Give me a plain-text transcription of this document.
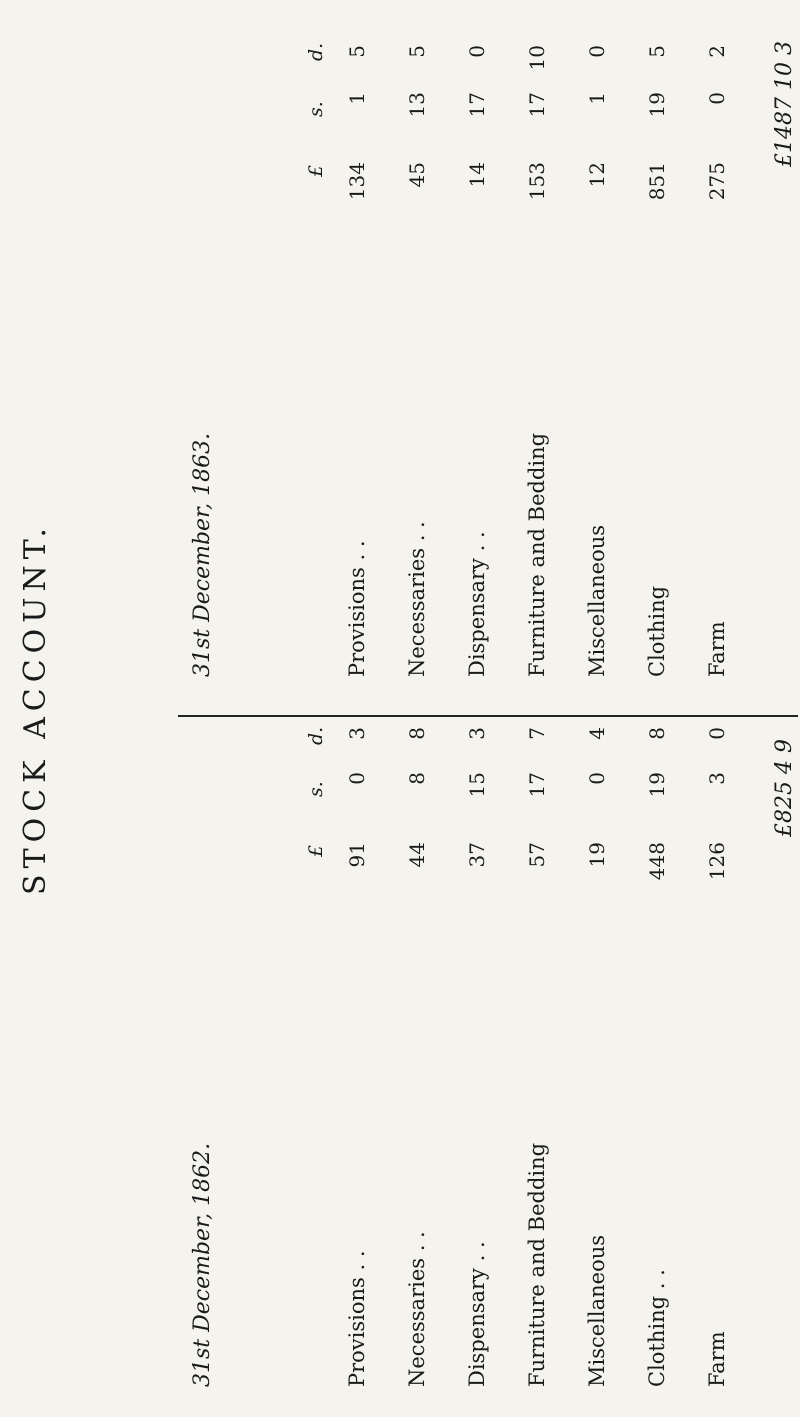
STOCK ACCOUNT.
31st December, 1862.
£
s.
d.
Provisions . .
91
0
3
Necessaries . .
44
8
8
Dispensary . .
37
15
3
Furniture and Bedding
57
17
7
Miscellaneous
19
0
4
Clothing . .
448
19
8
Farm
126
3
0
£825 4 9
31st December, 1863.
£
s.
d.
Provisions . .
134
1
5
Necessaries . .
45
13
5
Dispensary . .
14
17
0
Furniture and Bedding
153
17
10
Miscellaneous
12
1
0
Clothing
851
19
5
Farm
275
0
2 £1487 10 3
